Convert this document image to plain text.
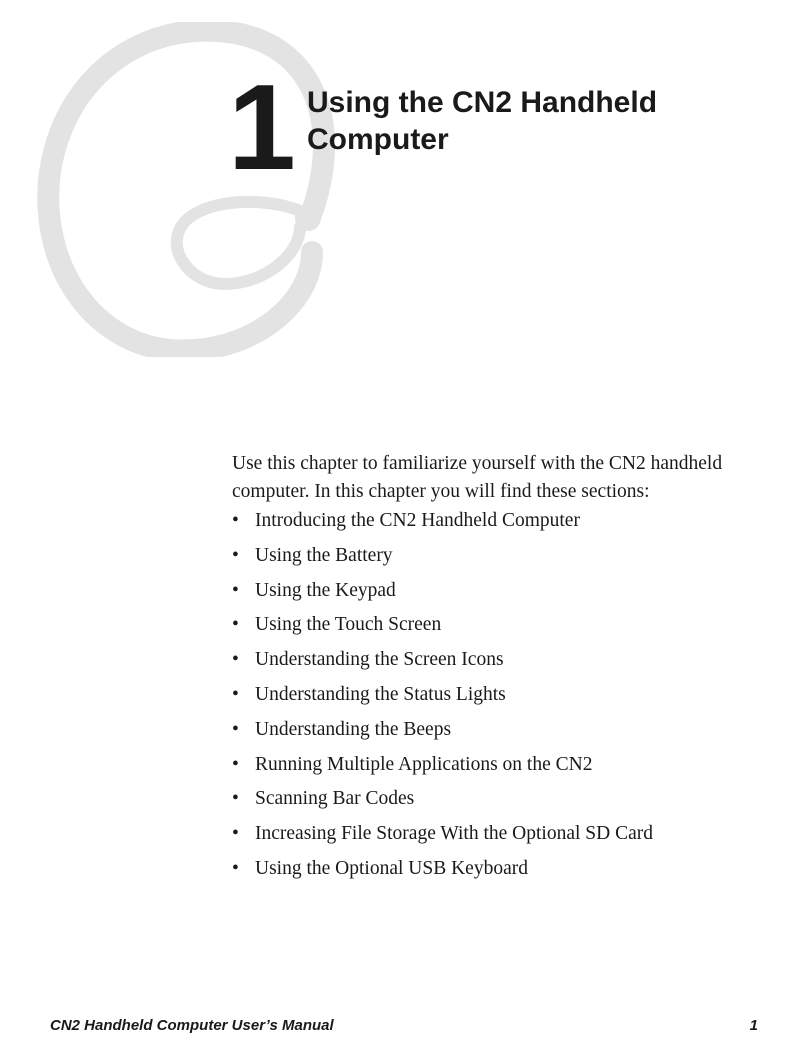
1 Using the CN2 Handheld
Computer

Use this chapter to familiarize yourself with the CN2 handheld computer. In this chapter you will find these sections:

• Introducing the CN2 Handheld Computer
• Using the Battery
• Using the Keypad
• Using the Touch Screen
• Understanding the Screen Icons
• Understanding the Status Lights
• Understanding the Beeps
• Running Multiple Applications on the CN2
• Scanning Bar Codes
• Increasing File Storage With the Optional SD Card
• Using the Optional USB Keyboard
CN2 Handheld Computer User’s Manual	1
